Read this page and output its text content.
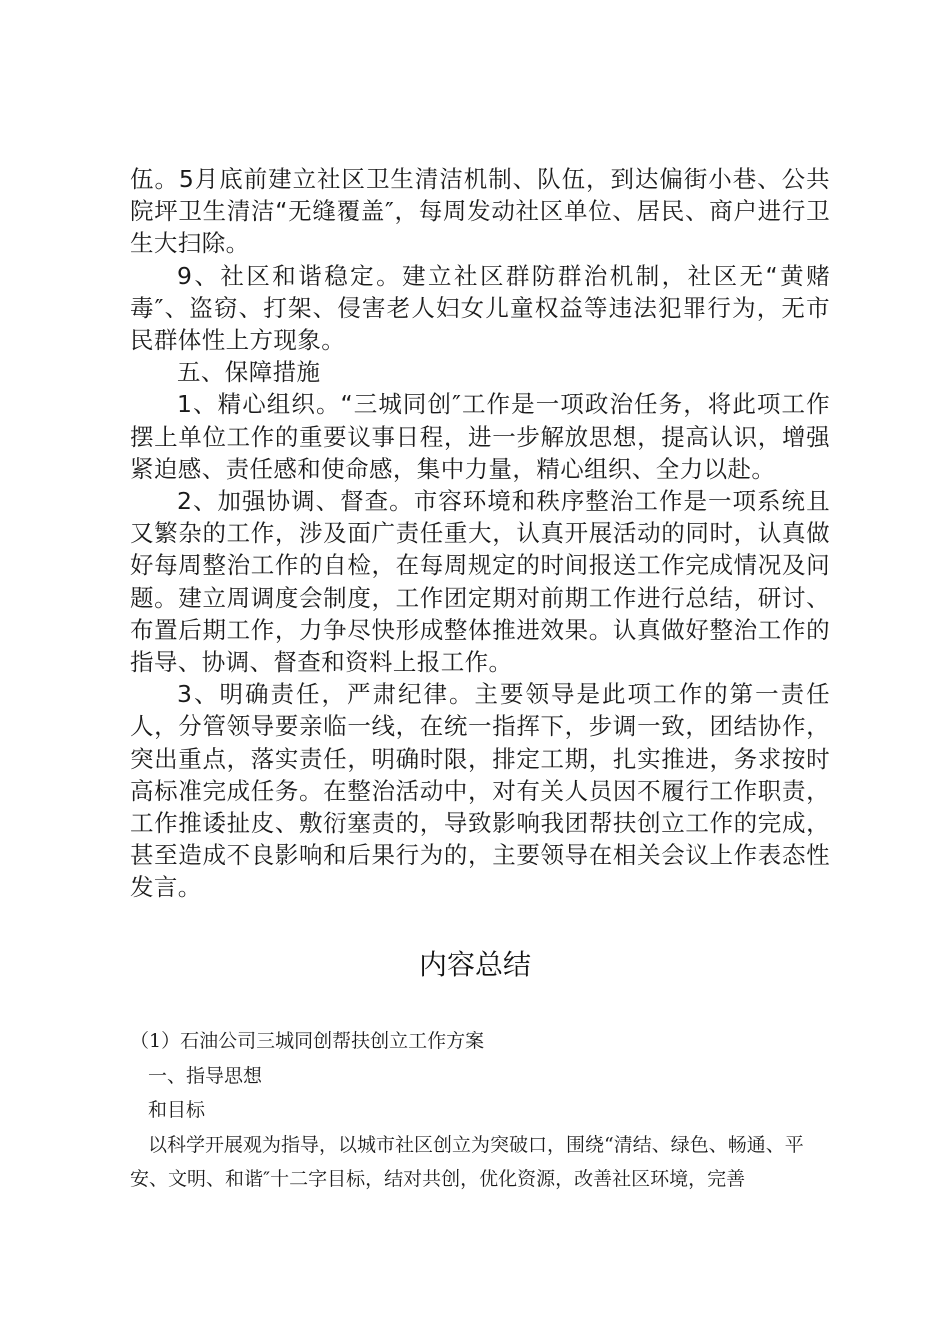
伍。5月底前建立社区卫生清洁机制、队伍，到达偏街小巷、公共院坪卫生清洁“无缝覆盖″，每周发动社区单位、居民、商户进行卫生大扫除。

9、社区和谐稳定。建立社区群防群治机制，社区无“黄赌毒″、盗窃、打架、侵害老人妇女儿童权益等违法犯罪行为，无市民群体性上方现象。

五、保障措施

1、精心组织。“三城同创″工作是一项政治任务，将此项工作摆上单位工作的重要议事日程，进一步解放思想，提高认识，增强紧迫感、责任感和使命感，集中力量，精心组织、全力以赴。

2、加强协调、督查。市容环境和秩序整治工作是一项系统且又繁杂的工作，涉及面广责任重大，认真开展活动的同时，认真做好每周整治工作的自检，在每周规定的时间报送工作完成情况及问题。建立周调度会制度，工作团定期对前期工作进行总结，研讨、布置后期工作，力争尽快形成整体推进效果。认真做好整治工作的指导、协调、督查和资料上报工作。

3、明确责任，严肃纪律。主要领导是此项工作的第一责任人，分管领导要亲临一线，在统一指挥下，步调一致，团结协作，突出重点，落实责任，明确时限，排定工期，扎实推进，务求按时高标准完成任务。在整治活动中，对有关人员因不履行工作职责，工作推诿扯皮、敷衍塞责的，导致影响我团帮扶创立工作的完成，甚至造成不良影响和后果行为的，主要领导在相关会议上作表态性发言。

内容总结

（1）石油公司三城同创帮扶创立工作方案

一、指导思想

和目标

以科学开展观为指导，以城市社区创立为突破口，围绕“清结、绿色、畅通、平安、文明、和谐″十二字目标，结对共创，优化资源，改善社区环境，完善
